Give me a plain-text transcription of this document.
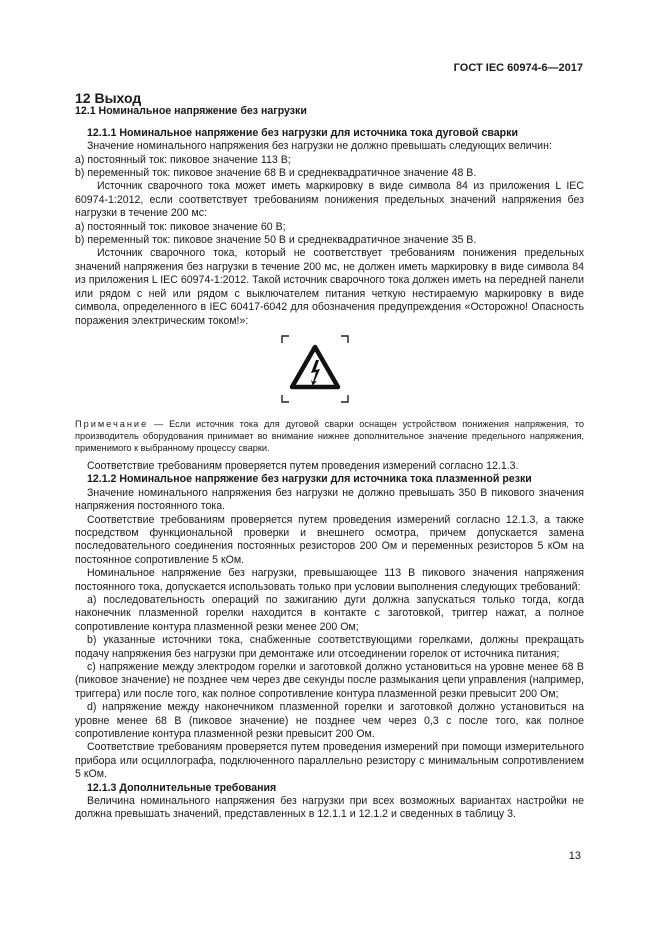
ГОСТ IEC 60974-6—2017

12 Выход

12.1 Номинальное напряжение без нагрузки

12.1.1 Номинальное напряжение без нагрузки для источника тока дуговой сварки

Значение номинального напряжения без нагрузки не должно превышать следующих величин:

а) постоянный ток: пиковое значение 113 В;

b) переменный ток: пиковое значение 68 В и среднеквадратичное значение 48 В.

Источник сварочного тока может иметь маркировку в виде символа 84 из приложения L IEC 60974-1:2012, если соответствует требованиям понижения предельных значений напряжения без нагрузки в течение 200 мс:

а) постоянный ток: пиковое значение 60 В;

b) переменный ток: пиковое значение 50 В и среднеквадратичное значение 35 В.

Источник сварочного тока, который не соответствует требованиям понижения предельных значений напряжения без нагрузки в течение 200 мс, не должен иметь маркировку в виде символа 84 из приложения L IEC 60974-1:2012. Такой источник сварочного тока должен иметь на передней панели или рядом с ней или рядом с выключателем питания четкую нестираемую маркировку в виде символа, определенного в IEC 60417-6042 для обозначения предупреждения «Осторожно! Опасность поражения электрическим током!»:

Примечание — Если источник тока для дуговой сварки оснащен устройством понижения напряжения, то производитель оборудования принимает во внимание нижнее дополнительное значение предельного напряжения, применимого к выбранному процессу сварки.

Соответствие требованиям проверяется путем проведения измерений согласно 12.1.3.

12.1.2 Номинальное напряжение без нагрузки для источника тока плазменной резки

Значение номинального напряжения без нагрузки не должно превышать 350 В пикового значения напряжения постоянного тока.

Соответствие требованиям проверяется путем проведения измерений согласно 12.1.3, а также посредством функциональной проверки и внешнего осмотра, причем допускается замена последовательного соединения постоянных резисторов 200 Ом и переменных резисторов 5 кОм на постоянное сопротивление 5 кОм.

Номинальное напряжение без нагрузки, превышающее 113 В пикового значения напряжения постоянного тока, допускается использовать только при условии выполнения следующих требований:

а) последовательность операций по зажиганию дуги должна запускаться только тогда, когда наконечник плазменной горелки находится в контакте с заготовкой, триггер нажат, а полное сопротивление контура плазменной резки менее 200 Ом;

b) указанные источники тока, снабженные соответствующими горелками, должны прекращать подачу напряжения без нагрузки при демонтаже или отсоединении горелок от источника питания;

c) напряжение между электродом горелки и заготовкой должно установиться на уровне менее 68 В (пиковое значение) не позднее чем через две секунды после размыкания цепи управления (например, триггера) или после того, как полное сопротивление контура плазменной резки превысит 200 Ом;

d) напряжение между наконечником плазменной горелки и заготовкой должно установиться на уровне менее 68 В (пиковое значение) не позднее чем через 0,3 с после того, как полное сопротивление контура плазменной резки превысит 200 Ом.

Соответствие требованиям проверяется путем проведения измерений при помощи измерительного прибора или осциллографа, подключенного параллельно резистору с минимальным сопротивлением 5 кОм.

12.1.3 Дополнительные требования

Величина номинального напряжения без нагрузки при всех возможных вариантах настройки не должна превышать значений, представленных в 12.1.1 и 12.1.2 и сведенных в таблицу 3.

13
